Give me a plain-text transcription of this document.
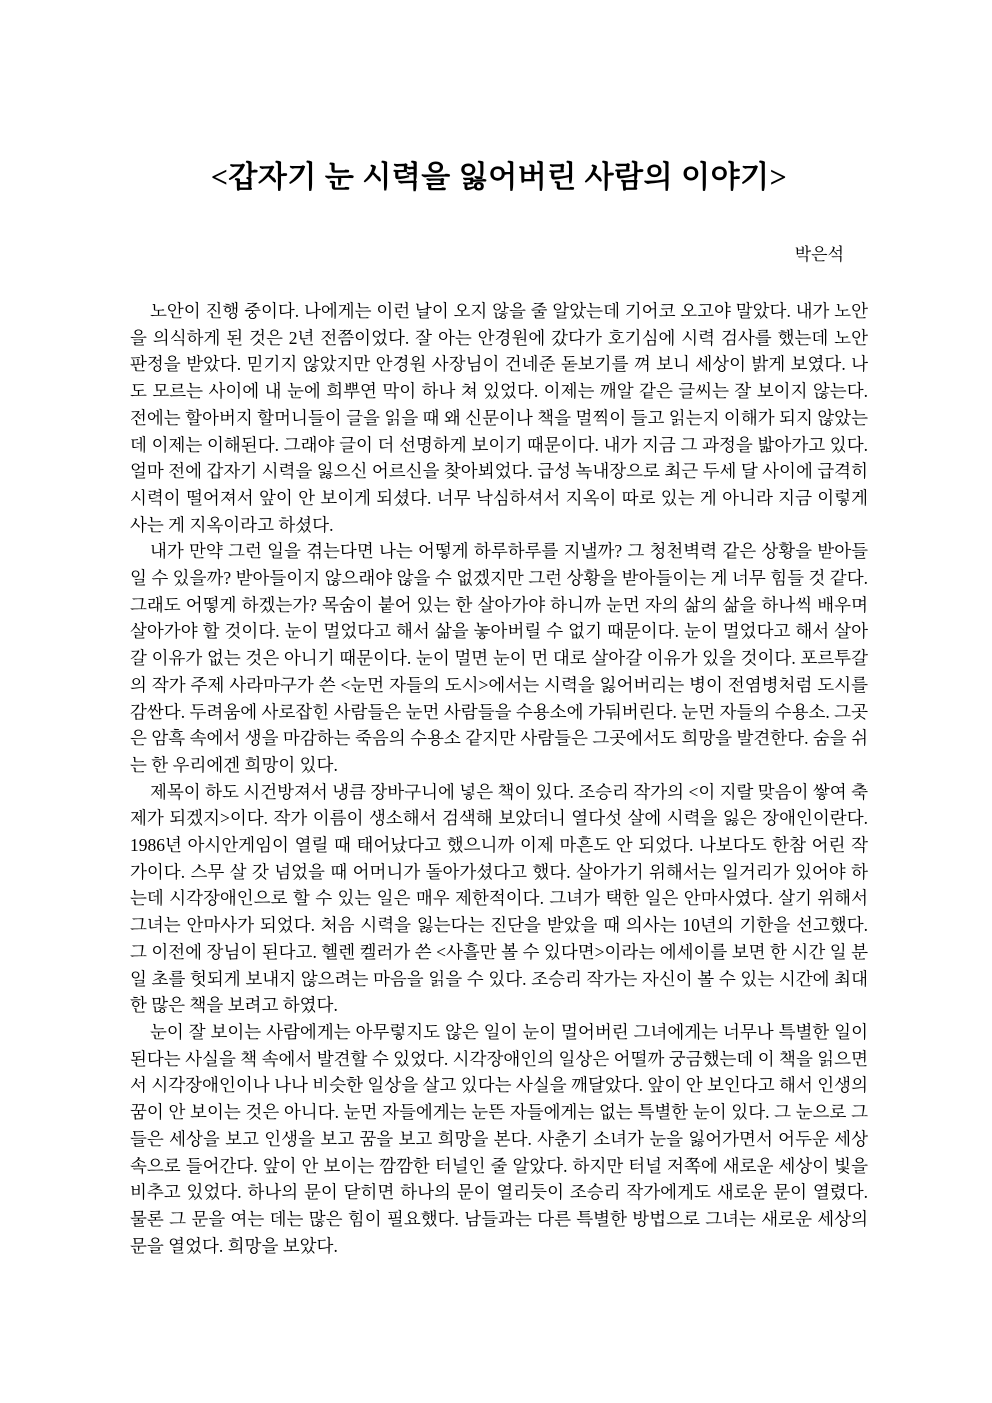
<갑자기 눈 시력을 잃어버린 사람의 이야기>
박은석

노안이 진행 중이다. 나에게는 이런 날이 오지 않을 줄 알았는데 기어코 오고야 말았다. 내가 노안을 의식하게 된 것은 2년 전쯤이었다. 잘 아는 안경원에 갔다가 호기심에 시력 검사를 했는데 노안 판정을 받았다. 믿기지 않았지만 안경원 사장님이 건네준 돋보기를 껴 보니 세상이 밝게 보였다. 나도 모르는 사이에 내 눈에 희뿌연 막이 하나 쳐 있었다. 이제는 깨알 같은 글씨는 잘 보이지 않는다. 전에는 할아버지 할머니들이 글을 읽을 때 왜 신문이나 책을 멀찍이 들고 읽는지 이해가 되지 않았는데 이제는 이해된다. 그래야 글이 더 선명하게 보이기 때문이다. 내가 지금 그 과정을 밟아가고 있다. 얼마 전에 갑자기 시력을 잃으신 어르신을 찾아뵈었다. 급성 녹내장으로 최근 두세 달 사이에 급격히 시력이 떨어져서 앞이 안 보이게 되셨다. 너무 낙심하셔서 지옥이 따로 있는 게 아니라 지금 이렇게 사는 게 지옥이라고 하셨다.

내가 만약 그런 일을 겪는다면 나는 어떻게 하루하루를 지낼까? 그 청천벽력 같은 상황을 받아들일 수 있을까? 받아들이지 않으래야 않을 수 없겠지만 그런 상황을 받아들이는 게 너무 힘들 것 같다. 그래도 어떻게 하겠는가? 목숨이 붙어 있는 한 살아가야 하니까 눈먼 자의 삶의 삶을 하나씩 배우며 살아가야 할 것이다. 눈이 멀었다고 해서 삶을 놓아버릴 수 없기 때문이다. 눈이 멀었다고 해서 살아갈 이유가 없는 것은 아니기 때문이다. 눈이 멀면 눈이 먼 대로 살아갈 이유가 있을 것이다. 포르투갈의 작가 주제 사라마구가 쓴 <눈먼 자들의 도시>에서는 시력을 잃어버리는 병이 전염병처럼 도시를 감싼다. 두려움에 사로잡힌 사람들은 눈먼 사람들을 수용소에 가둬버린다. 눈먼 자들의 수용소. 그곳은 암흑 속에서 생을 마감하는 죽음의 수용소 같지만 사람들은 그곳에서도 희망을 발견한다. 숨을 쉬는 한 우리에겐 희망이 있다.

제목이 하도 시건방져서 냉큼 장바구니에 넣은 책이 있다. 조승리 작가의 <이 지랄 맞음이 쌓여 축제가 되겠지>이다. 작가 이름이 생소해서 검색해 보았더니 열다섯 살에 시력을 잃은 장애인이란다. 1986년 아시안게임이 열릴 때 태어났다고 했으니까 이제 마흔도 안 되었다. 나보다도 한참 어린 작가이다. 스무 살 갓 넘었을 때 어머니가 돌아가셨다고 했다. 살아가기 위해서는 일거리가 있어야 하는데 시각장애인으로 할 수 있는 일은 매우 제한적이다. 그녀가 택한 일은 안마사였다. 살기 위해서 그녀는 안마사가 되었다. 처음 시력을 잃는다는 진단을 받았을 때 의사는 10년의 기한을 선고했다. 그 이전에 장님이 된다고. 헬렌 켈러가 쓴 <사흘만 볼 수 있다면>이라는 에세이를 보면 한 시간 일 분 일 초를 헛되게 보내지 않으려는 마음을 읽을 수 있다. 조승리 작가는 자신이 볼 수 있는 시간에 최대한 많은 책을 보려고 하였다.

눈이 잘 보이는 사람에게는 아무렇지도 않은 일이 눈이 멀어버린 그녀에게는 너무나 특별한 일이 된다는 사실을 책 속에서 발견할 수 있었다. 시각장애인의 일상은 어떨까 궁금했는데 이 책을 읽으면서 시각장애인이나 나나 비슷한 일상을 살고 있다는 사실을 깨달았다. 앞이 안 보인다고 해서 인생의 꿈이 안 보이는 것은 아니다. 눈먼 자들에게는 눈뜬 자들에게는 없는 특별한 눈이 있다. 그 눈으로 그들은 세상을 보고 인생을 보고 꿈을 보고 희망을 본다. 사춘기 소녀가 눈을 잃어가면서 어두운 세상 속으로 들어간다. 앞이 안 보이는 깜깜한 터널인 줄 알았다. 하지만 터널 저쪽에 새로운 세상이 빛을 비추고 있었다. 하나의 문이 닫히면 하나의 문이 열리듯이 조승리 작가에게도 새로운 문이 열렸다. 물론 그 문을 여는 데는 많은 힘이 필요했다. 남들과는 다른 특별한 방법으로 그녀는 새로운 세상의 문을 열었다. 희망을 보았다.
